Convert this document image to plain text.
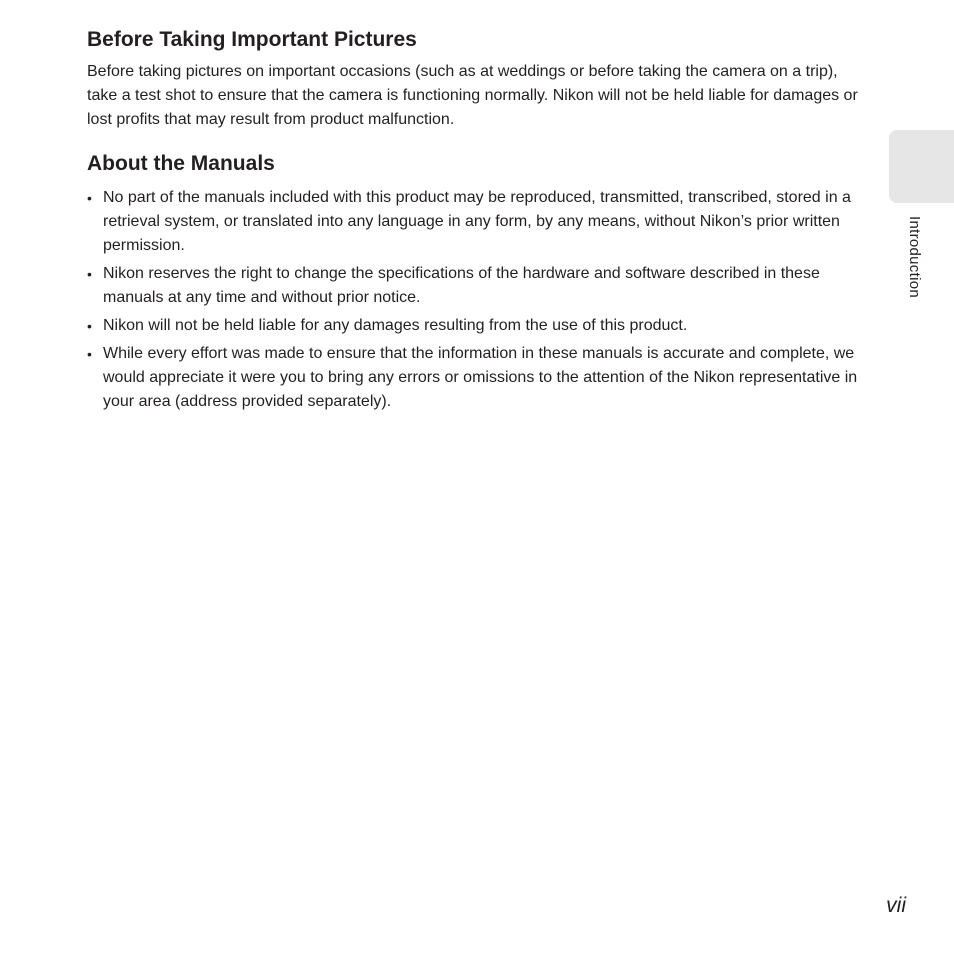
Before Taking Important Pictures

Before taking pictures on important occasions (such as at weddings or before taking the camera on a trip), take a test shot to ensure that the camera is functioning normally. Nikon will not be held liable for damages or lost profits that may result from product malfunction.

About the Manuals
• No part of the manuals included with this product may be reproduced, transmitted, transcribed, stored in a retrieval system, or translated into any language in any form, by any means, without Nikon’s prior written permission.
• Nikon reserves the right to change the specifications of the hardware and software described in these manuals at any time and without prior notice.
• Nikon will not be held liable for any damages resulting from the use of this product.
• While every effort was made to ensure that the information in these manuals is accurate and complete, we would appreciate it were you to bring any errors or omissions to the attention of the Nikon representative in your area (address provided separately).
Introduction
vii
